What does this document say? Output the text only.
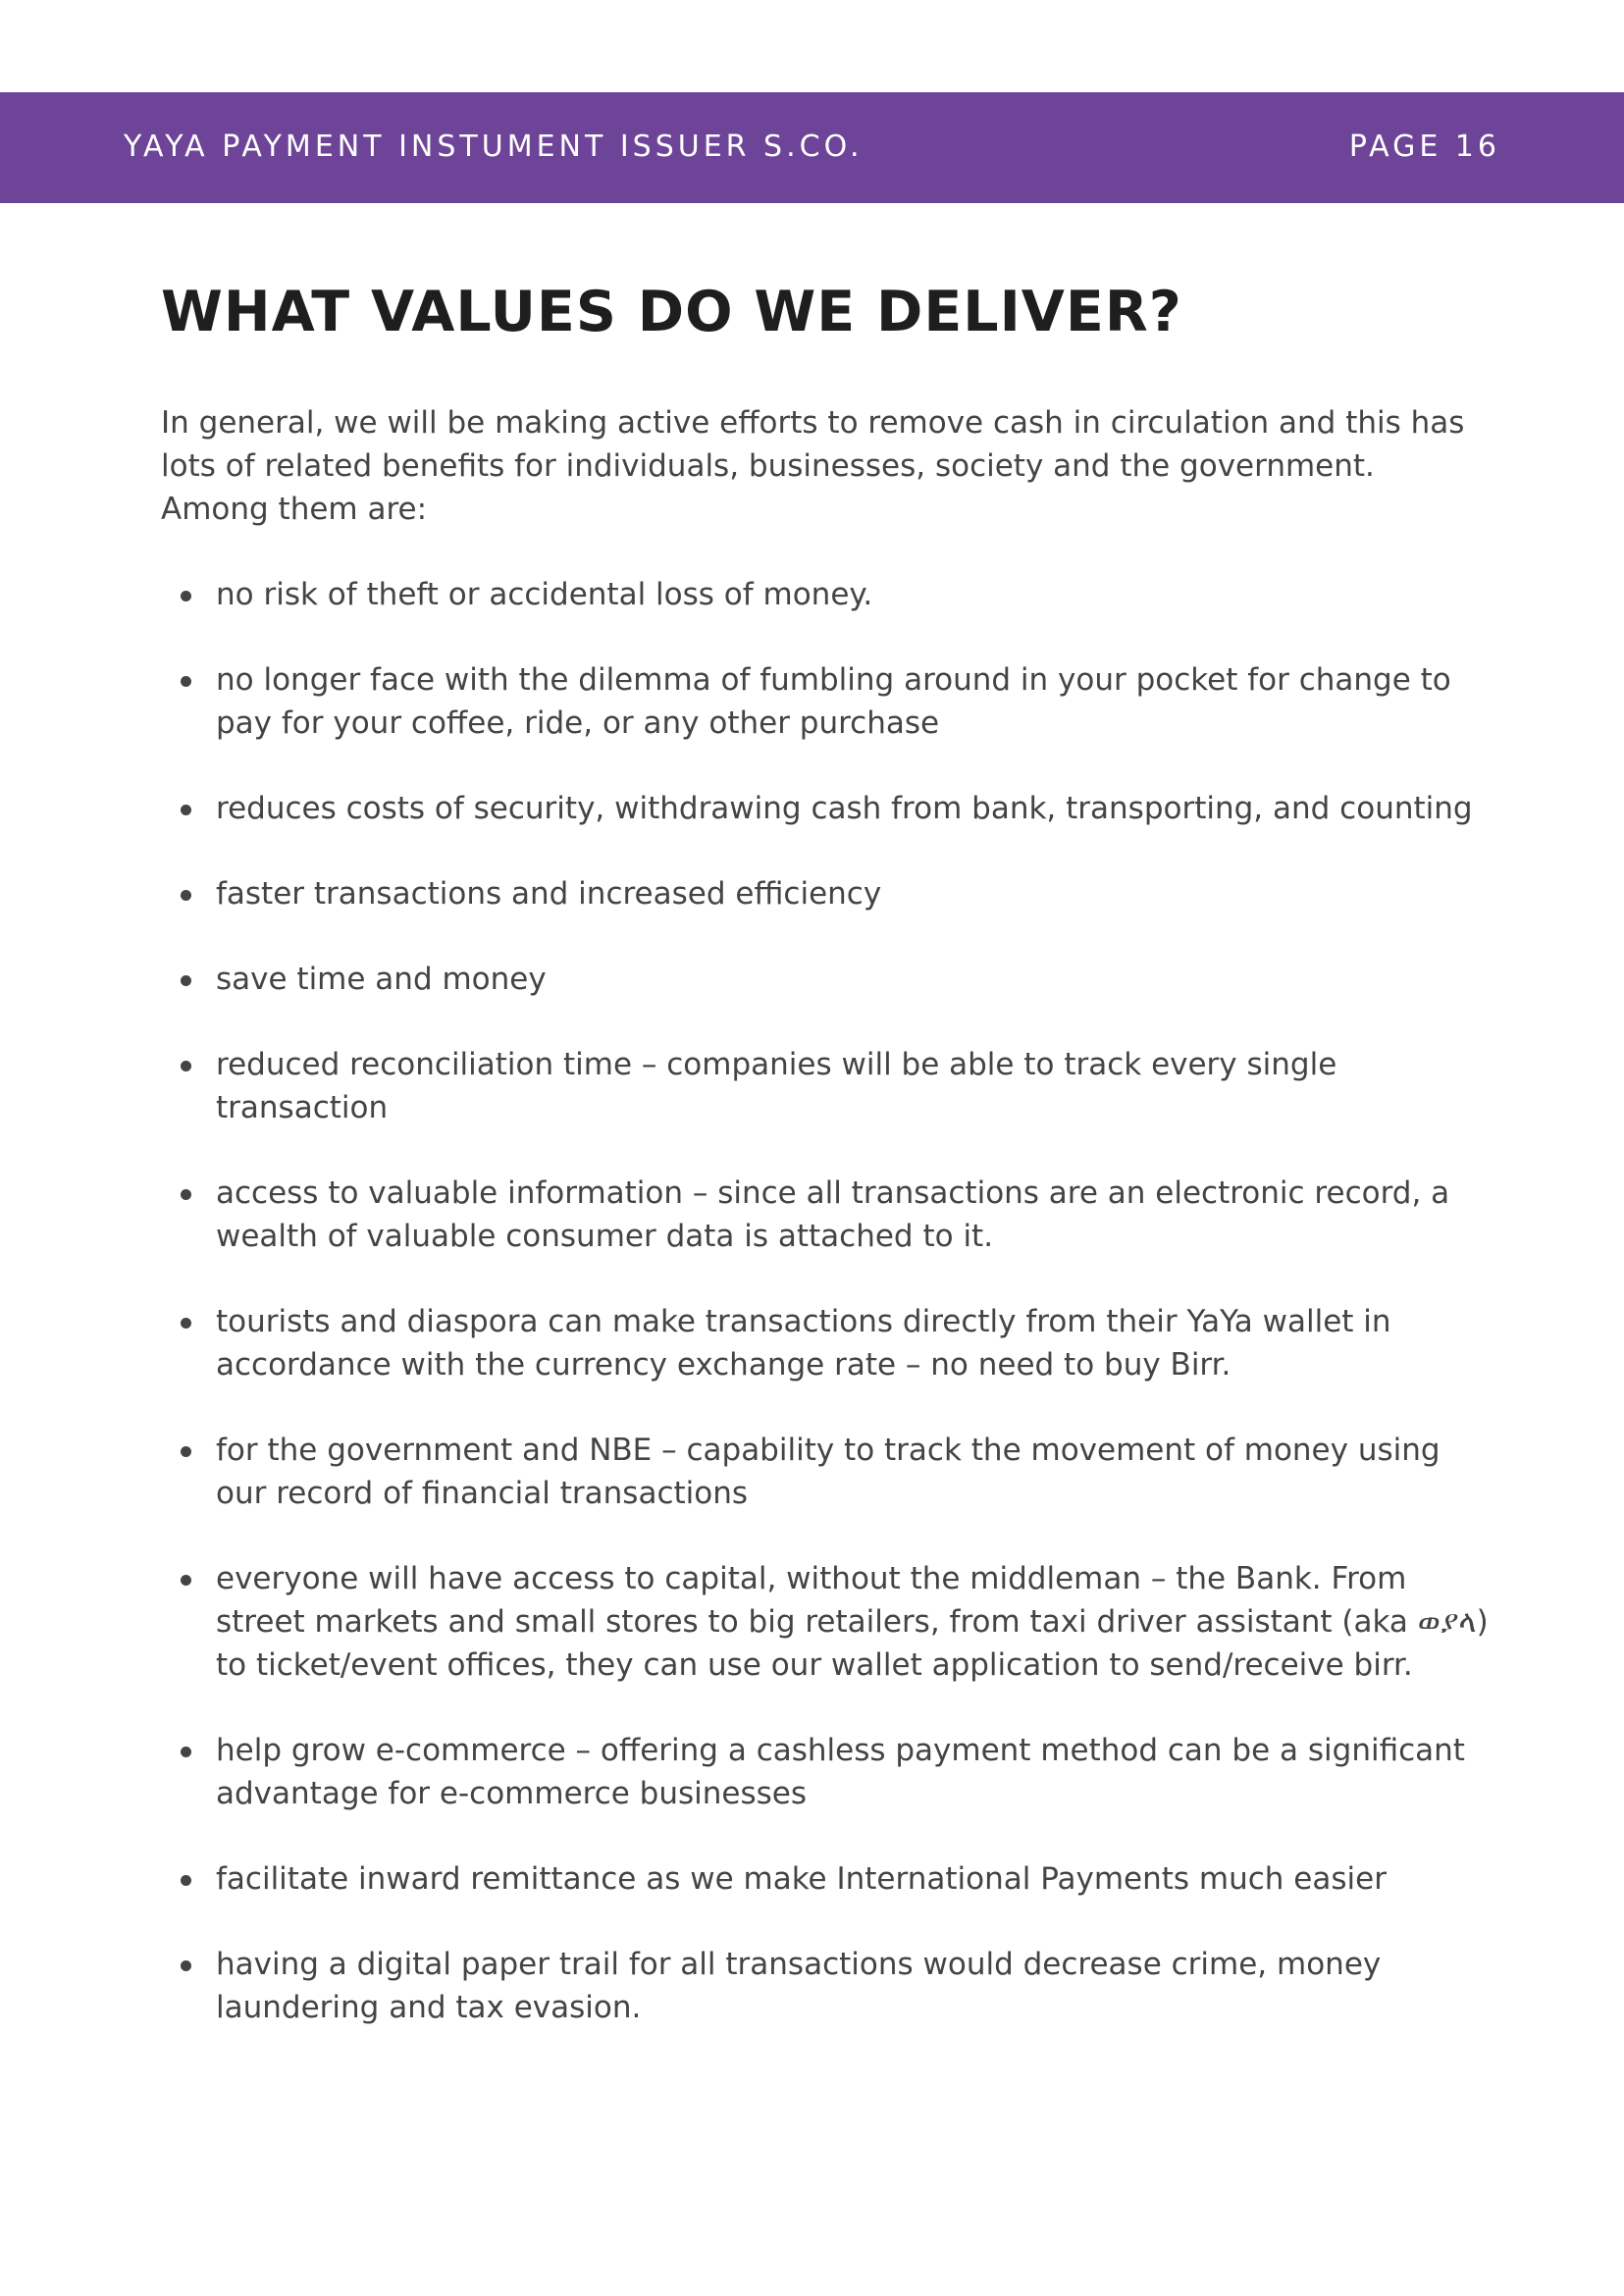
YAYA PAYMENT INSTUMENT ISSUER S.CO.	PAGE 16
WHAT VALUES DO WE DELIVER?

In general, we will be making active efforts to remove cash in circulation and this has lots of related benefits for individuals, businesses, society and the government. Among them are:

no risk of theft or accidental loss of money.
no longer face with the dilemma of fumbling around in your pocket for change to pay for your coffee, ride, or any other purchase
reduces costs of security, withdrawing cash from bank, transporting, and counting
faster transactions and increased efficiency
save time and money
reduced reconciliation time – companies will be able to track every single transaction
access to valuable information – since all transactions are an electronic record, a wealth of valuable consumer data is attached to it.
tourists and diaspora can make transactions directly from their YaYa wallet in accordance with the currency exchange rate – no need to buy Birr.
for the government and NBE – capability to track the movement of money using our record of financial transactions
everyone will have access to capital, without the middleman – the Bank. From street markets and small stores to big retailers, from taxi driver assistant (aka ወያላ) to ticket/event offices, they can use our wallet application to send/receive birr.
help grow e-commerce – offering a cashless payment method can be a significant advantage for e-commerce businesses
facilitate inward remittance as we make International Payments much easier
having a digital paper trail for all transactions would decrease crime, money laundering and tax evasion.
